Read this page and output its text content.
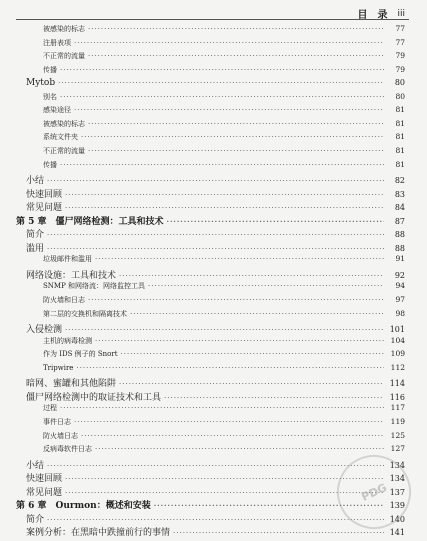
目　录 iii
被感染的标志 ·····	77
注册表项 ·····	77
不正常的流量 ·····	79
传播 ·····	79
Mytob ·····	80
别名 ·····	80
感染途径 ·····	81
被感染的标志 ·····	81
系统文件夹 ·····	81
不正常的流量 ·····	81
传播 ·····	81
小结 ·····	82
快速回顾 ·····	83
常见问题 ·····	84
第 5 章　僵尸网络检测：工具和技术 ·····	87
简介 ·····	88
滥用 ·····	88
垃圾邮件和滥用 ·····	91
网络设施：工具和技术 ·····	92
SNMP 和网络流：网络监控工具 ·····	94
防火墙和日志 ·····	97
第二层的交换机和隔离技术 ·····	98
入侵检测 ·····	101
主机的病毒检测 ·····	104
作为 IDS 例子的 Snort ·····	109
Tripwire ·····	112
暗网、蜜罐和其他陷阱 ·····	114
僵尸网络检测中的取证技术和工具 ·····	116
过程 ·····	117
事件日志 ·····	119
防火墙日志 ·····	125
反病毒软件日志 ·····	127
小结 ·····	134
快速回顾 ·····	134
常见问题 ·····	137
第 6 章　Ourmon：概述和安装 ·····	139
简介 ·····	140
案例分析：在黑暗中跌撞前行的事情 ·····	141
PDG
